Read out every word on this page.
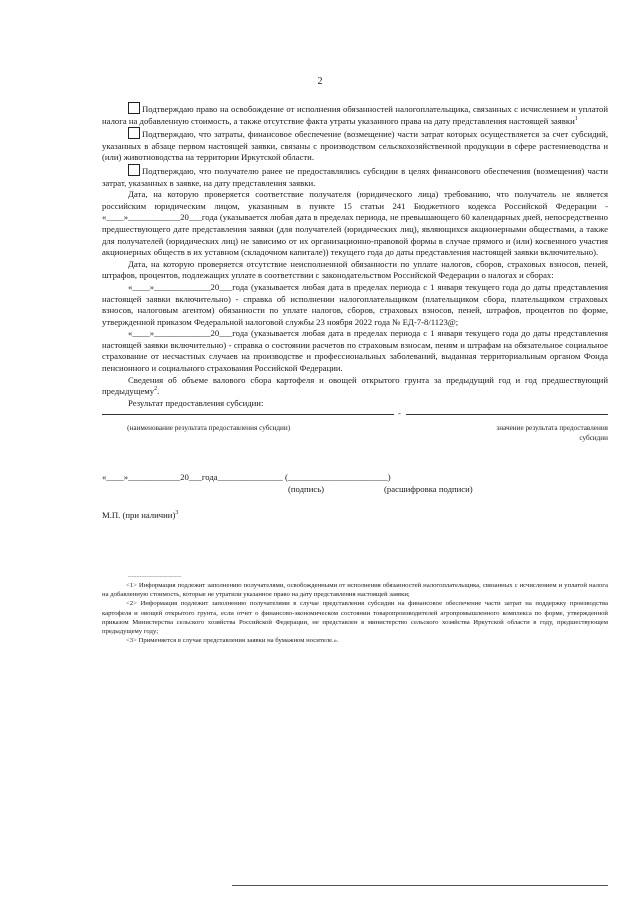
2

Подтверждаю право на освобождение от исполнения обязанностей налогоплательщика, связанных с исчислением и уплатой налога на добавленную стоимость, а также отсутствие факта утраты указанного права на дату представления настоящей заявки$^1$

Подтверждаю, что затраты, финансовое обеспечение (возмещение) части затрат которых осуществляется за счет субсидий, указанных в абзаце первом настоящей заявки, связаны с производством сельскохозяйственной продукции в сфере растениеводства и (или) животноводства на территории Иркутской области.

Подтверждаю, что получателю ранее не предоставлялись субсидии в целях финансового обеспечения (возмещения) части затрат, указанных в заявке, на дату представления заявки.

Дата, на которую проверяется соответствие получателя (юридического лица) требованию, что получатель не является российским юридическим лицом, указанным в пункте 15 статьи 241 Бюджетного кодекса Российской Федерации - «____»____________20___года (указывается любая дата в пределах периода, не превышающего 60 календарных дней, непосредственно предшествующего дате представления заявки (для получателей (юридических лиц), являющихся акционерными обществами, а также для получателей (юридических лиц) не зависимо от их организационно-правовой формы в случае прямого и (или) косвенного участия акционерных обществ в их уставном (складочном капитале)) текущего года до даты представления настоящей заявки включительно).

Дата, на которую проверяется отсутствие неисполненной обязанности по уплате налогов, сборов, страховых взносов, пеней, штрафов, процентов, подлежащих уплате в соответствии с законодательством Российской Федерации о налогах и сборах:

«____»_____________20___года (указывается любая дата в пределах периода с 1 января текущего года до даты представления настоящей заявки включительно) - справка об исполнении налогоплательщиком (плательщиком сбора, плательщиком страховых взносов, налоговым агентом) обязанности по уплате налогов, сборов, страховых взносов, пеней, штрафов, процентов по форме, утвержденной приказом Федеральной налоговой службы 23 ноября 2022 года № ЕД-7-8/1123@;

«____»_____________20___года (указывается любая дата в пределах периода с 1 января текущего года до даты представления настоящей заявки включительно) - справка о состоянии расчетов по страховым взносам, пеням и штрафам на обязательное социальное страхование от несчастных случаев на производстве и профессиональных заболеваний, выданная территориальным органом Фонда пенсионного и социального страхования Российской Федерации.

Сведения об объеме валового сбора картофеля и овощей открытого грунта за предыдущий год и год предшествующий предыдущему$^2$.

Результат предоставления субсидии:

-
(наименование результата предоставления субсидии)	значение результата предоставления субсидии
«____»____________20___года_______________ (_______________________)
(подпись)	(расшифровка подписи)

М.П. (при наличии)$^3$

--------------------------------

<1> Информация подлежит заполнению получателями, освобожденными от исполнения обязанностей налогоплательщика, связанных с исчислением и уплатой налога на добавленную стоимость, которые не утратили указанное право на дату представления настоящей заявки;

<2> Информация подлежит заполнению получателями в случае представления субсидии на финансовое обеспечение части затрат на поддержку производства картофеля и овощей открытого грунта, если отчет о финансово-экономическом состоянии товаропроизводителей агропромышленного комплекса по форме, утвержденной приказом Министерства сельского хозяйства Российской Федерации, не представлен в министерство сельского хозяйства Иркутской области в году, предшествующем предыдущему году;

<3> Применяется в случае представления заявки на бумажном носителе.».
